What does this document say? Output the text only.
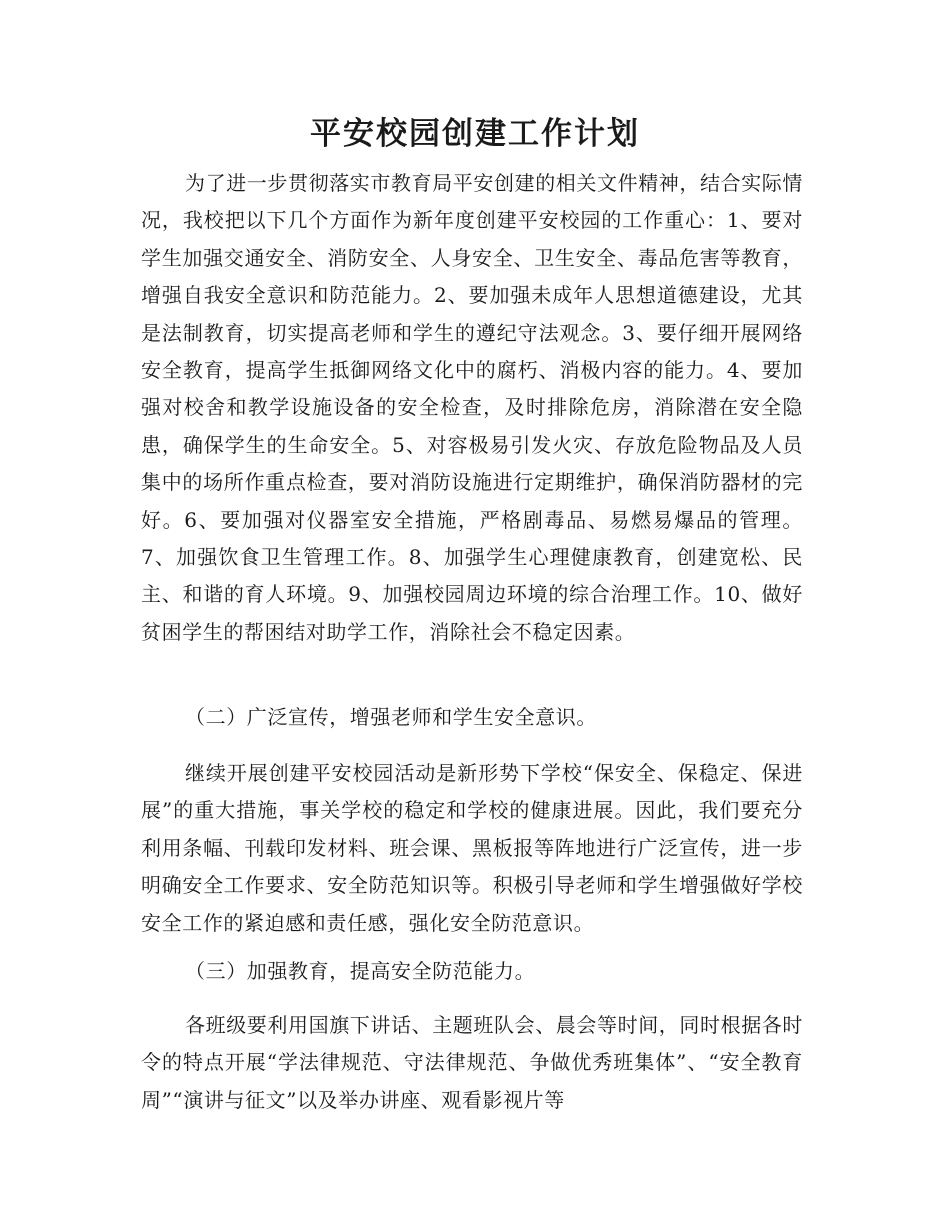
平安校园创建工作计划

为了进一步贯彻落实市教育局平安创建的相关文件精神，结合实际情况，我校把以下几个方面作为新年度创建平安校园的工作重心：1、要对学生加强交通安全、消防安全、人身安全、卫生安全、毒品危害等教育，增强自我安全意识和防范能力。2、要加强未成年人思想道德建设，尤其是法制教育，切实提高老师和学生的遵纪守法观念。3、要仔细开展网络安全教育，提高学生抵御网络文化中的腐朽、消极内容的能力。4、要加强对校舍和教学设施设备的安全检查，及时排除危房，消除潜在安全隐患，确保学生的生命安全。5、对容极易引发火灾、存放危险物品及人员集中的场所作重点检查，要对消防设施进行定期维护，确保消防器材的完好。6、要加强对仪器室安全措施，严格剧毒品、易燃易爆品的管理。7、加强饮食卫生管理工作。8、加强学生心理健康教育，创建宽松、民主、和谐的育人环境。9、加强校园周边环境的综合治理工作。10、做好贫困学生的帮困结对助学工作，消除社会不稳定因素。

（二）广泛宣传，增强老师和学生安全意识。

继续开展创建平安校园活动是新形势下学校“保安全、保稳定、保进展”的重大措施，事关学校的稳定和学校的健康进展。因此，我们要充分利用条幅、刊载印发材料、班会课、黑板报等阵地进行广泛宣传，进一步明确安全工作要求、安全防范知识等。积极引导老师和学生增强做好学校安全工作的紧迫感和责任感，强化安全防范意识。

（三）加强教育，提高安全防范能力。

各班级要利用国旗下讲话、主题班队会、晨会等时间，同时根据各时令的特点开展“学法律规范、守法律规范、争做优秀班集体”、“安全教育周”“演讲与征文”以及举办讲座、观看影视片等
